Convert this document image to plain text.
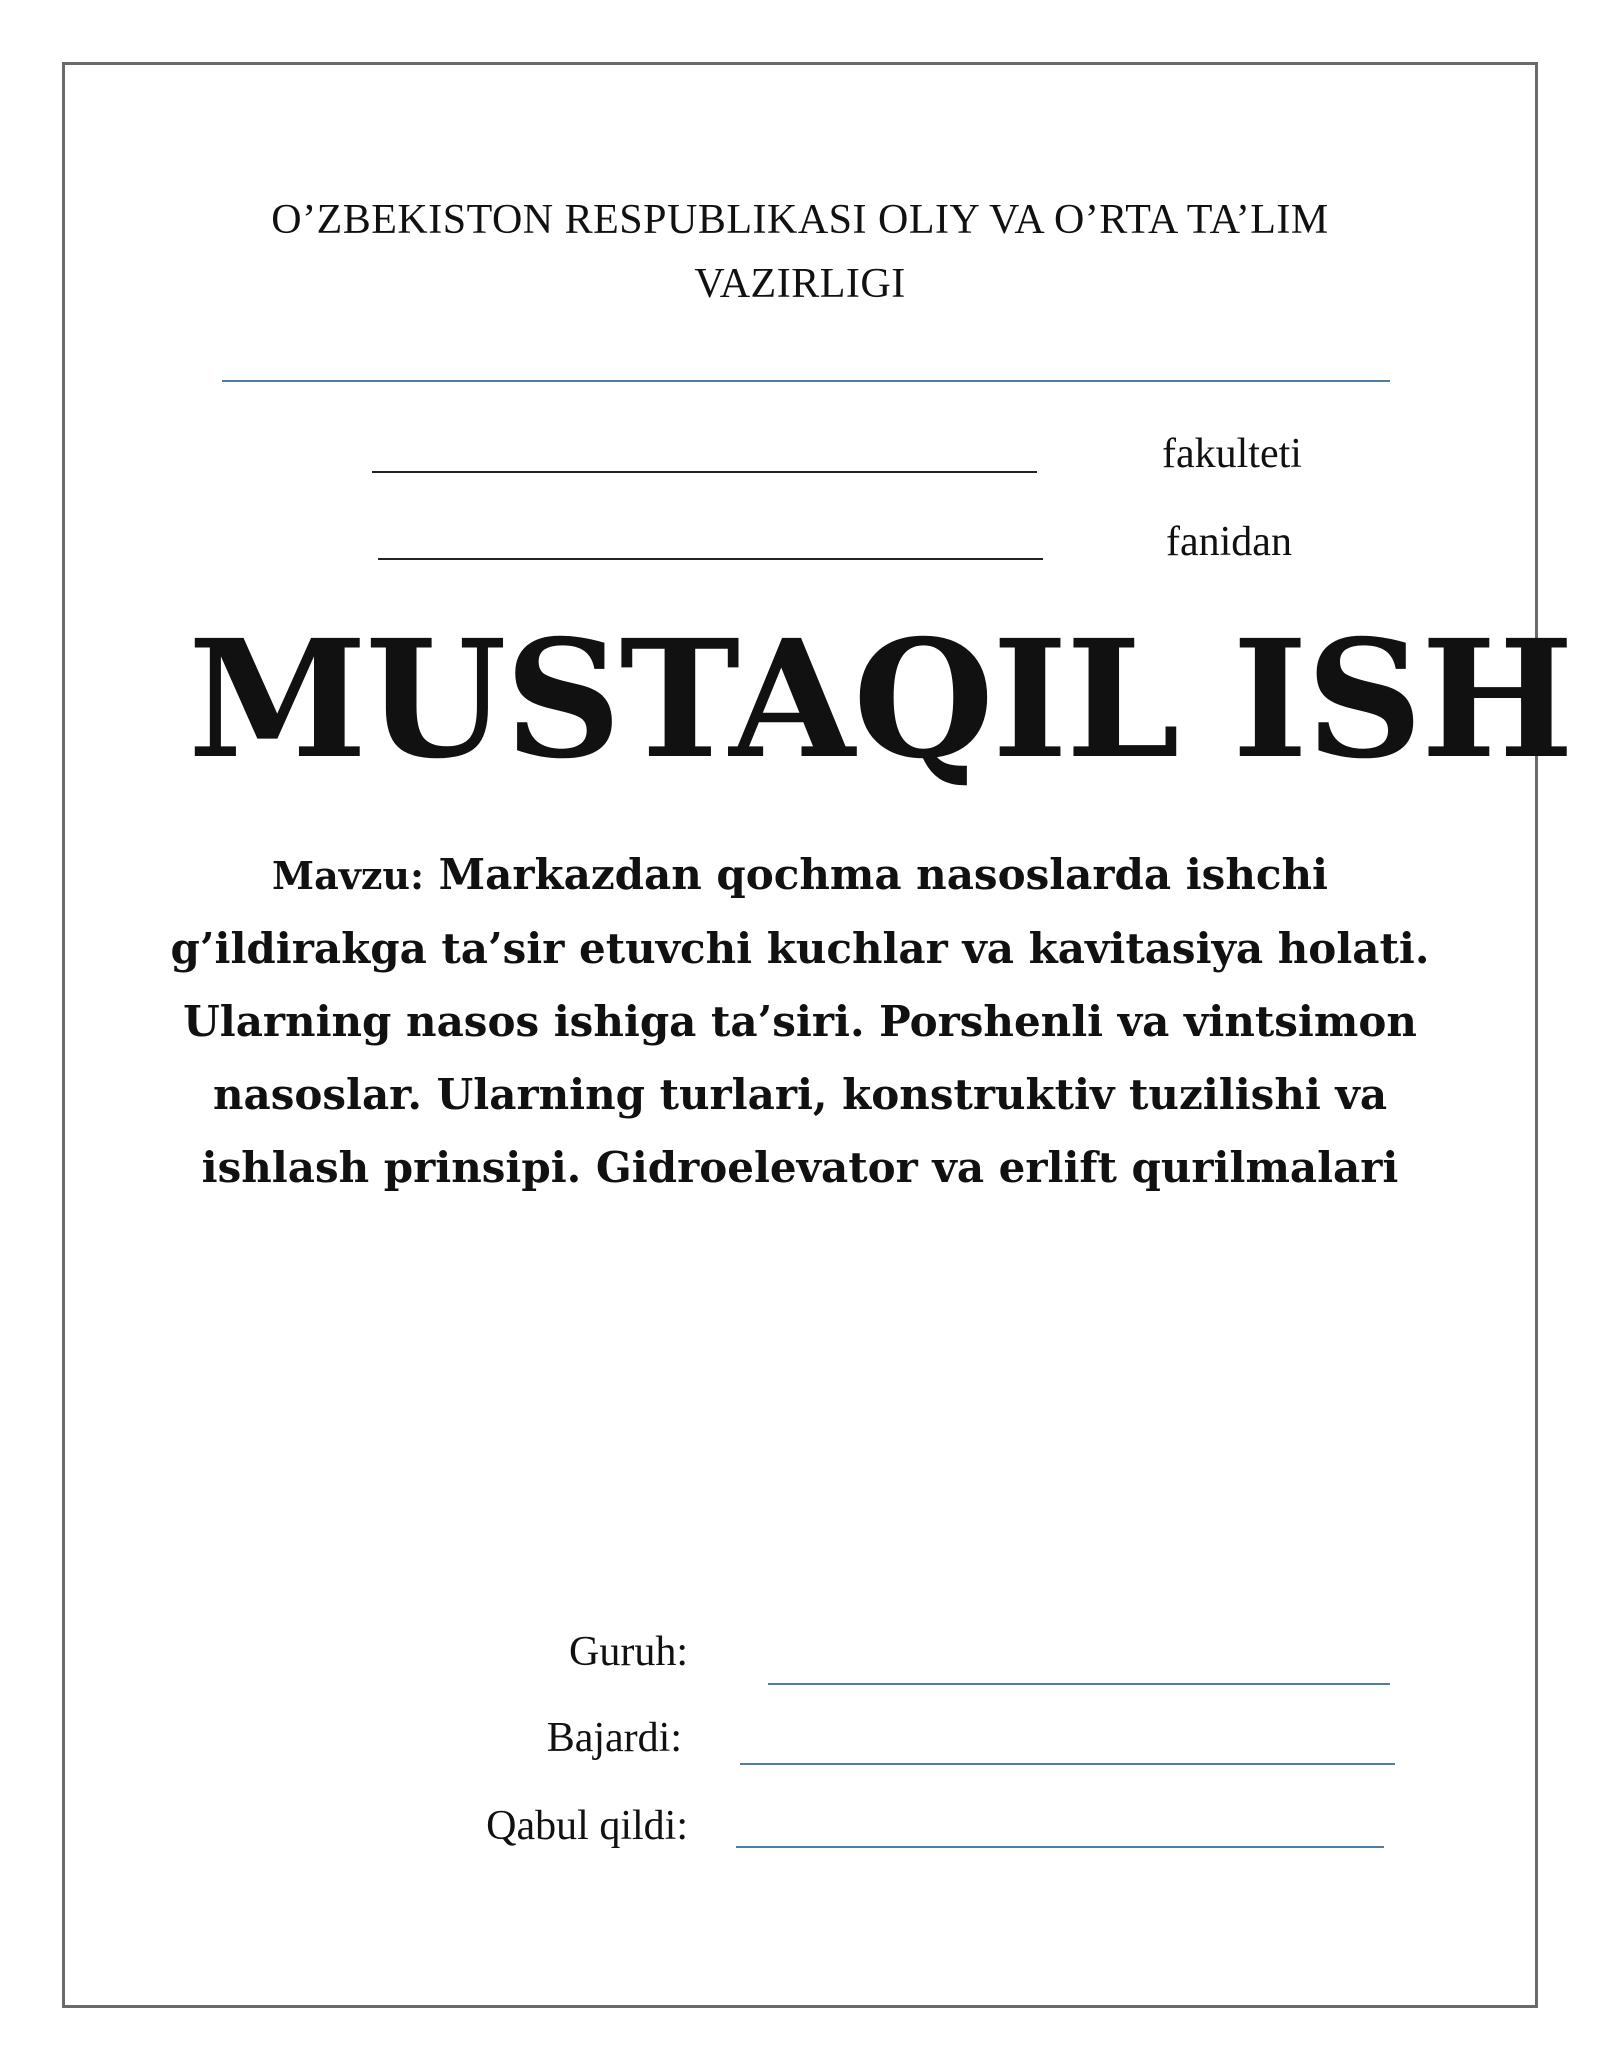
O’ZBEKISTON RESPUBLIKASI OLIY VA O’RTA TA’LIM
VAZIRLIGI
fakulteti
fanidan
MUSTAQIL ISH
Mavzu: Markazdan qochma nasoslarda ishchi g’ildirakga ta’sir etuvchi kuchlar va kavitasiya holati. Ularning nasos ishiga ta’siri. Porshenli va vintsimon nasoslar. Ularning turlari, konstruktiv tuzilishi va ishlash prinsipi. Gidroelevator va erlift qurilmalari
Guruh:
Bajardi:
Qabul qildi:
